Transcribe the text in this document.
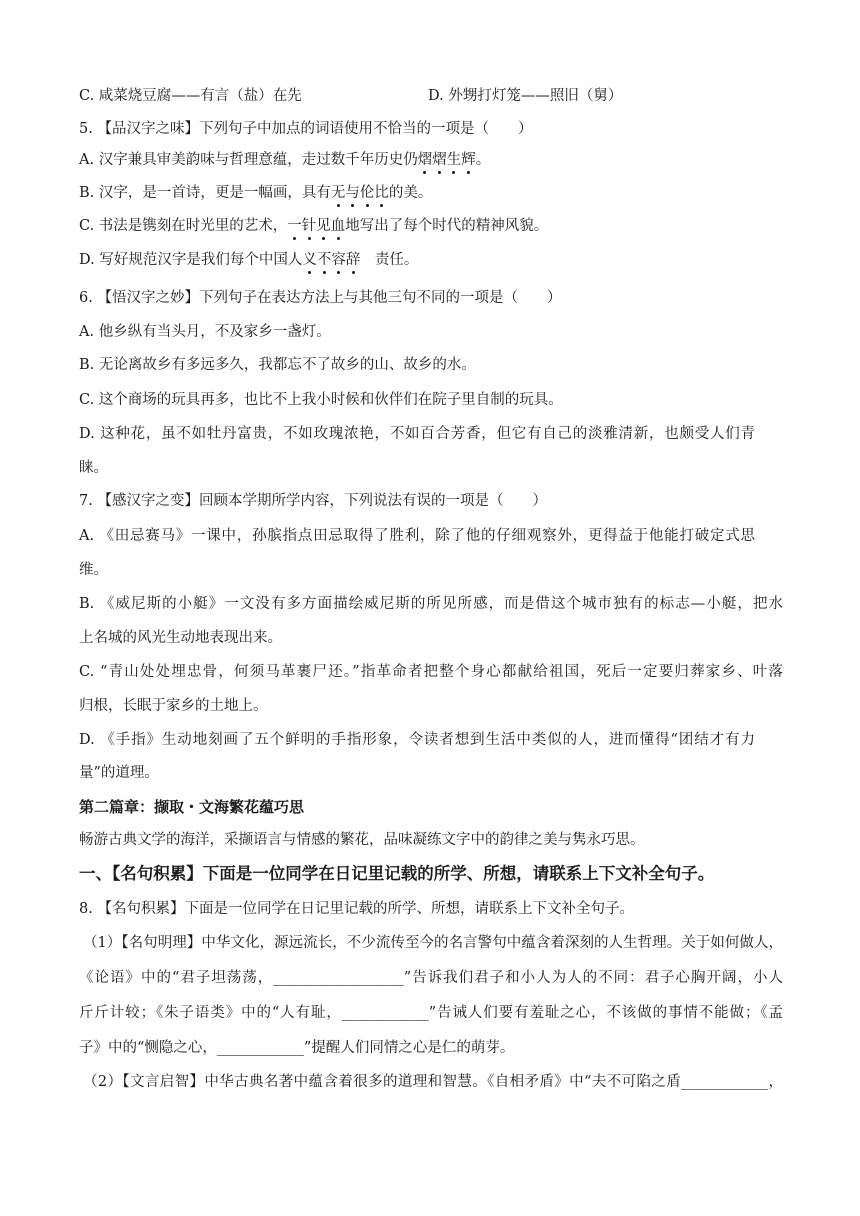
C. 咸菜烧豆腐——有言（盐）在先	D. 外甥打灯笼——照旧（舅）
5. 【品汉字之味】下列句子中加点的词语使用不恰当的一项是（　　）
A. 汉字兼具审美韵味与哲理意蕴，走过数千年历史仍熠熠生辉。
B. 汉字，是一首诗，更是一幅画，具有无与伦比的美。
C. 书法是镌刻在时光里的艺术，一针见血地写出了每个时代的精神风貌。
D. 写好规范汉字是我们每个中国人义不容辞　责任。
6. 【悟汉字之妙】下列句子在表达方法上与其他三句不同的一项是（　　）
A. 他乡纵有当头月，不及家乡一盏灯。
B. 无论离故乡有多远多久，我都忘不了故乡的山、故乡的水。
C. 这个商场的玩具再多，也比不上我小时候和伙伴们在院子里自制的玩具。
D. 这种花，虽不如牡丹富贵，不如玫瑰浓艳，不如百合芳香，但它有自己的淡雅清新，也颇受人们青
睐。
7. 【感汉字之变】回顾本学期所学内容，下列说法有误的一项是（　　）
A. 《田忌赛马》一课中，孙膑指点田忌取得了胜利，除了他的仔细观察外，更得益于他能打破定式思
维。
B. 《威尼斯的小艇》一文没有多方面描绘威尼斯的所见所感，而是借这个城市独有的标志—小艇，把水
上名城的风光生动地表现出来。
C. “青山处处埋忠骨，何须马革裹尸还。”指革命者把整个身心都献给祖国，死后一定要归葬家乡、叶落
归根，长眠于家乡的土地上。
D. 《手指》生动地刻画了五个鲜明的手指形象，令读者想到生活中类似的人，进而懂得“团结才有力
量”的道理。
第二篇章：撷取・文海繁花蕴巧思
畅游古典文学的海洋，采撷语言与情感的繁花，品味凝练文字中的韵律之美与隽永巧思。
一、【名句积累】下面是一位同学在日记里记载的所学、所想，请联系上下文补全句子。
8. 【名句积累】下面是一位同学在日记里记载的所学、所想，请联系上下文补全句子。
（1）【名句明理】中华文化，源远流长，不少流传至今的名言警句中蕴含着深刻的人生哲理。关于如何做人，
《论语》中的“君子坦荡荡，__________________”告诉我们君子和小人为人的不同：君子心胸开阔，小人
斤斤计较；《朱子语类》中的“人有耻，____________”告诫人们要有羞耻之心，不该做的事情不能做；《孟
子》中的“恻隐之心，____________”提醒人们同情之心是仁的萌芽。
（2）【文言启智】中华古典名著中蕴含着很多的道理和智慧。《自相矛盾》中“夫不可陷之盾____________，
